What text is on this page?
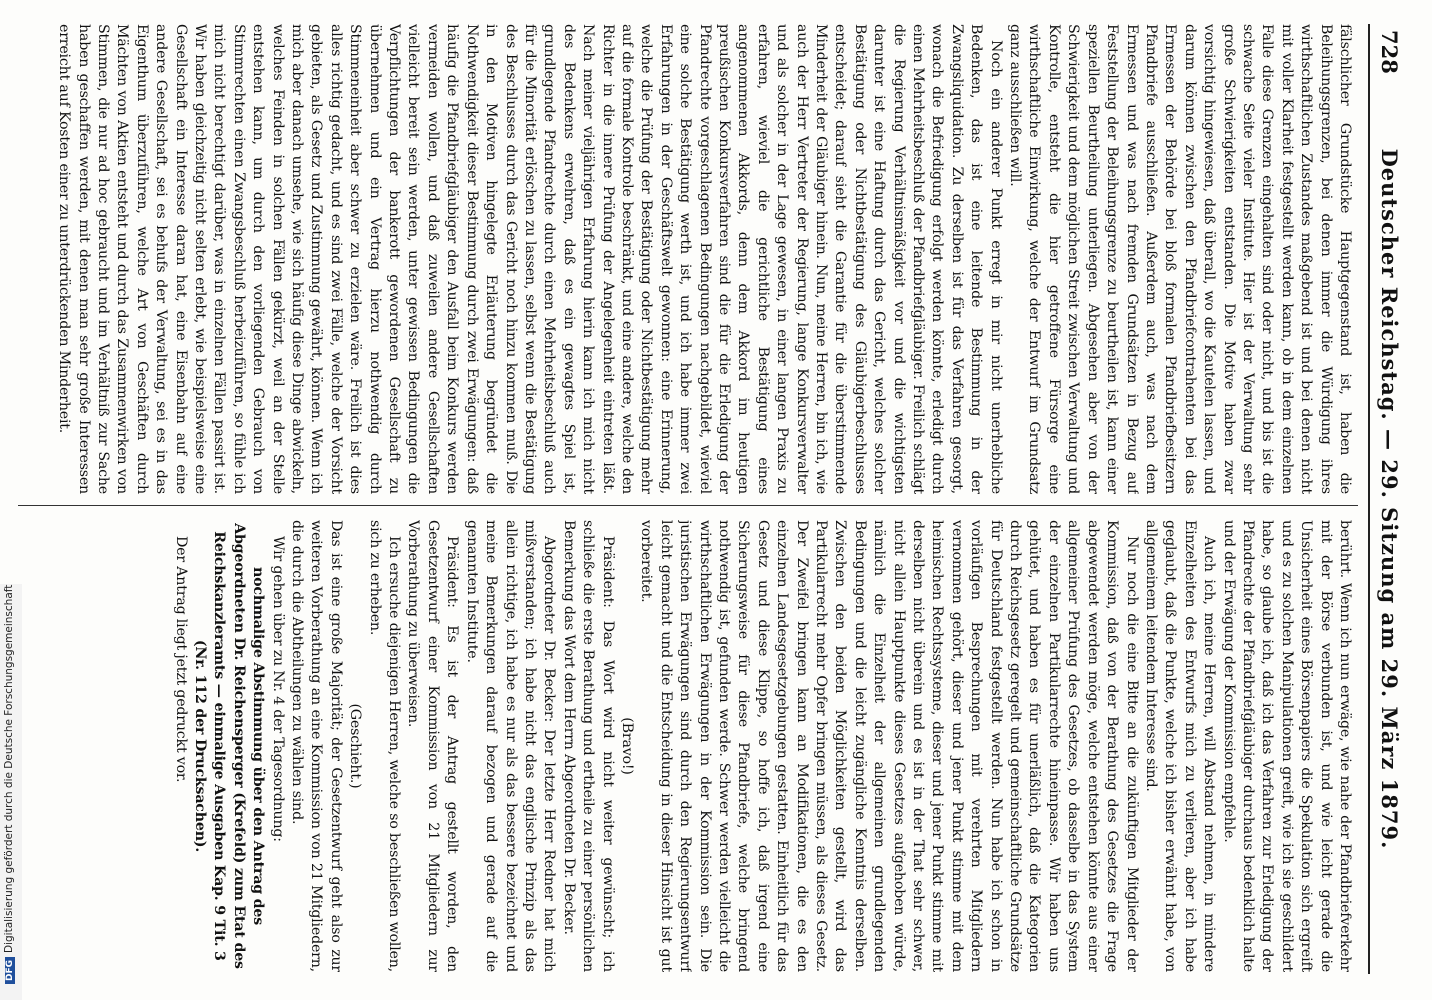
728
Deutscher Reichstag. — 29. Sitzung am 29. März 1879.

fälschlicher Grundstücke Hauptgegenstand ist, haben die Beleihungsgrenzen, bei denen immer die Würdigung ihres wirthschaftlichen Zustandes maßgebend ist und bei denen nicht mit voller Klarheit festgestellt werden kann, ob in dem einzelnen Falle diese Grenzen eingehalten sind oder nicht, und bis ist die schwache Seite vieler Institute. Hier ist der Verwaltung sehr große Schwierigkeiten entstanden. Die Motive haben zwar vorsichtig hingewiesen, daß überall, wo die Kautelen lassen, und darum können zwischen den Pfandbriefcontrahenten bei das Ermessen der Behörde bei bloß formalen Pfandbriefbesitzern Pfandbriefe ausschließen. Außerdem auch, was nach dem Ermessen und was nach fremden Grundsätzen in Bezug auf Feststellung der Beleihungsgrenze zu beurtheilen ist, kann einer speziellen Beurtheilung unterliegen. Abgesehen aber von der Schwierigkeit und dem möglichen Streit zwischen Verwaltung und Kontrolle, entsteht die hier getroffene Fürsorge eine wirthschaftliche Einwirkung, welche der Entwurf im Grundsatz ganz ausschließen will.

Noch ein anderer Punkt erregt in mir nicht unerhebliche Bedenken, das ist eine leitende Bestimmung in der Zwangsliquidation. Zu derselben ist für das Verfahren gesorgt, wonach die Befriedigung erfolgt werden könnte, erledigt durch einen Mehrheitsbeschluß der Pfandbriefgläubiger. Freilich schlägt die Regierung Verhältnismäßigkeit vor und die wichtigsten darunter ist eine Haftung durch das Gericht, welches solcher Bestätigung oder Nichtbestätigung des Gläubigerbeschlusses entscheidet; darauf sieht die Garantie für die überstimmende Minderheit der Gläubiger hinein. Nun, meine Herren, bin ich, wie auch der Herr Vertreter der Regierung, lange Konkursverwalter und als solcher in der Lage gewesen, in einer langen Praxis zu erfahren, wieviel die gerichtliche Bestätigung eines angenommenen Akkords, denn dem Akkord im heutigen preußischen Konkursverfahren sind die für die Erledigung der Pfandrechte vorgeschlagenen Bedingungen nachgebildet, wieviel eine solche Bestätigung werth ist, und ich habe immer zwei Erfahrungen in der Geschäftswelt gewonnen: eine Erinnerung, welche die Prüfung der Bestätigung oder Nichtbestätigung mehr auf die formale Kontrole beschränkt, und eine andere, welche den Richter in die innere Prüfung der Angelegenheit eintreten läßt. Nach meiner vieljährigen Erfahrung hierin kann ich mich nicht des Bedenkens erwehren, daß es ein gewagtes Spiel ist, grundlegende Pfandrechte durch einen Mehrheitsbeschluß auch für die Minorität erlöschen zu lassen, selbst wenn die Bestätigung des Beschlusses durch das Gericht noch hinzu kommen muß. Die in den Motiven hingelegte Erläuterung begründet die Nothwendigkeit dieser Bestimmung durch zwei Erwägungen: daß häufig die Pfandbriefgläubiger den Ausfall beim Konkurs werden vermeiden wollen, und daß zuweilen andere Gesellschaften vielleicht bereit sein werden, unter gewissen Bedingungen die Verpflichtungen der bankerott gewordenen Gesellschaft zu übernehmen und ein Vertrag hierzu nothwendig durch Stimmeneinheit aber schwer zu erzielen wäre. Freilich ist dies alles richtig gedacht, und es sind zwei Fälle, welche der Vorsicht gebieten, als Gesetz und Zustimmung gewährt, können. Wenn ich mich aber danach umsehe, wie sich häufig diese Dinge abwickeln, welches Feinden in solchen Fällen gekürzt, weil an der Stelle entstehen kann, um durch den vorliegenden Gebrauch von Stimmrechten einen Zwangsbeschluß herbeizuführen, so fühle ich mich nicht berechtigt darüber, was in einzelnen Fällen passirt ist. Wir haben gleichzeitig nicht selten erlebt, wie beispielsweise eine Gesellschaft ein Interesse daran hat, eine Eisenbahn auf eine andere Gesellschaft, sei es behufs der Verwaltung, sei es in das Eigenthum überzuführen, welche Art von Geschäften durch Mächten von Aktien entsteht und durch das Zusammenwirken von Stimmen, die nur ad hoc gebraucht und im Verhältniß zur Sache haben geschaffen werden, mit denen man sehr große Interessen erreicht auf Kosten einer zu unterdrückenden Minderheit.

berührt. Wenn ich nun erwäge, wie nahe der Pfandbriefverkehr mit der Börse verbunden ist, und wie leicht gerade die Unsicherheit eines Börsenpapiers die Spekulation sich ergreift und es zu solchen Manipulationen greift, wie ich sie geschildert habe, so glaube ich, daß ich das Verfahren zur Erledigung der Pfandrechte der Pfandbriefgläubiger durchaus bedenklich halte und der Erwägung der Kommission empfehle.

Auch ich, meine Herren, will Abstand nehmen, in mindere Einzelheiten des Entwurfs mich zu verlieren, aber ich habe geglaubt, daß die Punkte, welche ich bisher erwähnt habe, von allgemeinem leitendem Interesse sind.

Nur noch die eine Bitte an die zukünftigen Mitglieder der Kommission, daß von der Berathung des Gesetzes die Frage abgewendet werden möge, welche entstehen könnte aus einer allgemeiner Prüfung des Gesetzes, ob dasselbe in das System der einzelnen Partikularrechte hineinpasse. Wir haben uns gehütet, und haben es für unerläßlich, daß die Kategorien durch Reichsgesetz geregelt und gemeinschaftliche Grundsätze für Deutschland festgestellt werden. Nun habe ich schon in vorläufigen Besprechungen mit verehrten Mitgliedern vernommen gehört, dieser und jener Punkt stimme mit dem heimischen Rechtssysteme, dieser und jener Punkt stimme mit derselben nicht überein und es ist in der That sehr schwer, nicht allein Hauptpunkte dieses Gesetzes aufgehoben würde, nämlich die Einzelheit der allgemeinen grundlegenden Bedingungen und die leicht zugängliche Kenntnis derselben. Zwischen den beiden Möglichkeiten gestellt, wird das Partikularrecht mehr Opfer bringen müssen, als dieses Gesetz. Der Zweifel bringen kann an Modifikationen, die es den einzelnen Landesgesetzgebungen gestatten. Einheitlich für das Gesetz und diese Klippe, so hoffe ich, daß irgend eine Sicherungsweise für diese Pfandbriefe, welche bringend nothwendig ist, gefunden werde. Schwer werden vielleicht die wirthschaftlichen Erwägungen in der Kommission sein. Die juristischen Erwägungen sind durch den Regierungsentwurf leicht gemacht und die Entscheidung in dieser Hinsicht ist gut vorbereitet.

(Bravo!)

Präsident: Das Wort wird nicht weiter gewünscht; ich schließe die erste Berathung und ertheile zu einer persönlichen Bemerkung das Wort dem Herrn Abgeordneten Dr. Becker.

Abgeordneter Dr. Becker: Der letzte Herr Redner hat mich mißverstanden; ich habe nicht das englische Prinzip als das allein richtige, ich habe es nur als das bessere bezeichnet und meine Bemerkungen darauf bezogen und gerade auf die genannten Institute.

Präsident: Es ist der Antrag gestellt worden, den Gesetzentwurf einer Kommission von 21 Mitgliedern zur Vorberathung zu überweisen.

Ich ersuche diejenigen Herren, welche so beschließen wollen, sich zu erheben.

(Geschieht.)

Das ist eine große Majorität; der Gesetzentwurf geht also zur weiteren Vorberathung an eine Kommission von 21 Mitgliedern, die durch die Abtheilungen zu wählen sind.

Wir gehen über zu Nr. 4 der Tagesordnung:

nochmalige Abstimmung über den Antrag des Abgeordneten Dr. Reichensperger (Krefeld) zum Etat des Reichskanzleramts — einmalige Ausgaben Kap. 9 Tit. 3 (Nr. 112 der Drucksachen).

Der Antrag liegt jetzt gedruckt vor.

DFGDigitalisierung gefördert durch die Deutsche Forschungsgemeinschaft
